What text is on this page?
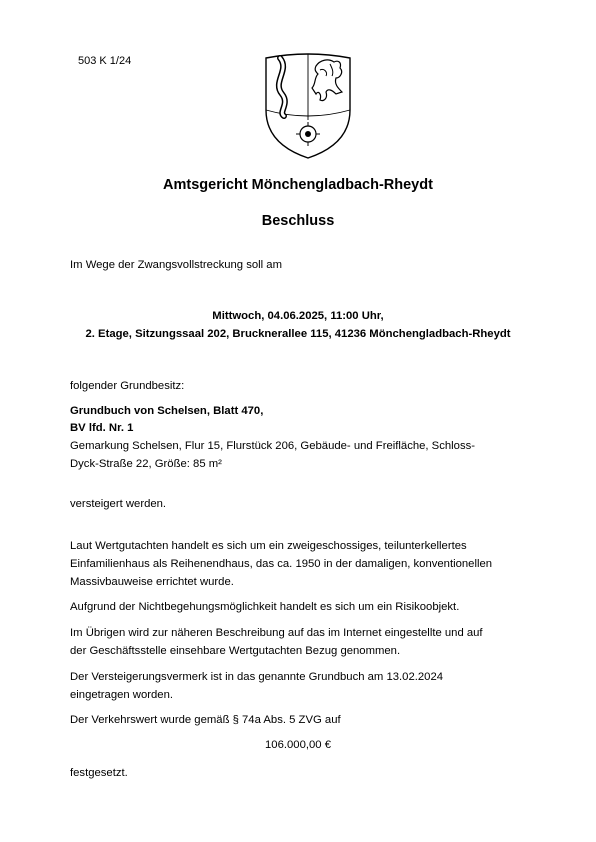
503 K 1/24
Amtsgericht Mönchengladbach-Rheydt
Beschluss
Im Wege der Zwangsvollstreckung soll am
Mittwoch, 04.06.2025, 11:00 Uhr,
2. Etage, Sitzungssaal 202, Brucknerallee 115, 41236 Mönchengladbach-Rheydt
folgender Grundbesitz:
Grundbuch von Schelsen, Blatt 470,
BV lfd. Nr. 1
Gemarkung Schelsen, Flur 15, Flurstück 206, Gebäude- und Freifläche, Schloss-
Dyck-Straße 22, Größe: 85 m²
versteigert werden.
Laut Wertgutachten handelt es sich um ein zweigeschossiges, teilunterkellertes
Einfamilienhaus als Reihenendhaus, das ca. 1950 in der damaligen, konventionellen
Massivbauweise errichtet wurde.
Aufgrund der Nichtbegehungsmöglichkeit handelt es sich um ein Risikoobjekt.
Im Übrigen wird zur näheren Beschreibung auf das im Internet eingestellte und auf
der Geschäftsstelle einsehbare Wertgutachten Bezug genommen.
Der Versteigerungsvermerk ist in das genannte Grundbuch am 13.02.2024
eingetragen worden.
Der Verkehrswert wurde gemäß § 74a Abs. 5 ZVG auf
106.000,00 €
festgesetzt.
